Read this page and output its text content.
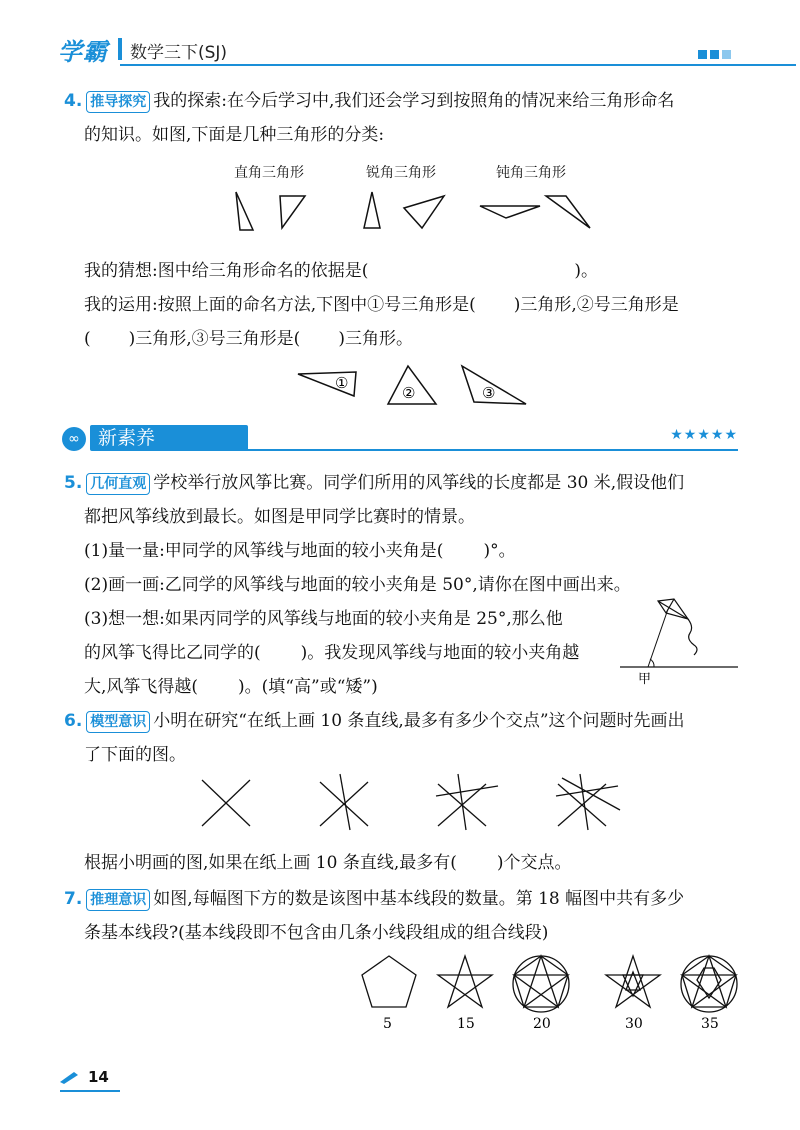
学霸 数学三下(SJ)
4. 推导探究 我的探索:在今后学习中,我们还会学习到按照角的情况来给三角形命名
的知识。如图,下面是几种三角形的分类:
直角三角形	锐角三角形	钝角三角形
①
②	③
我的猜想:图中给三角形命名的依据是(	)。
我的运用:按照上面的命名方法,下图中①号三角形是( )三角形,②号三角形是
( )三角形,③号三角形是( )三角形。
∞ 新素养	★★★★★
5. 几何直观 学校举行放风筝比赛。同学们所用的风筝线的长度都是 30 米,假设他们
都把风筝线放到最长。如图是甲同学比赛时的情景。
(1)量一量:甲同学的风筝线与地面的较小夹角是( )°。
(2)画一画:乙同学的风筝线与地面的较小夹角是 50°,请你在图中画出来。
(3)想一想:如果丙同学的风筝线与地面的较小夹角是 25°,那么他
的风筝飞得比乙同学的( )。我发现风筝线与地面的较小夹角越
大,风筝飞得越( )。(填“高”或“矮”)	甲
6. 模型意识 小明在研究“在纸上画 10 条直线,最多有多少个交点”这个问题时先画出
了下面的图。
根据小明画的图,如果在纸上画 10 条直线,最多有( )个交点。
7. 推理意识 如图,每幅图下方的数是该图中基本线段的数量。第 18 幅图中共有多少
条基本线段?(基本线段即不包含由几条小线段组成的组合线段)
5	15	20	30	35
14
